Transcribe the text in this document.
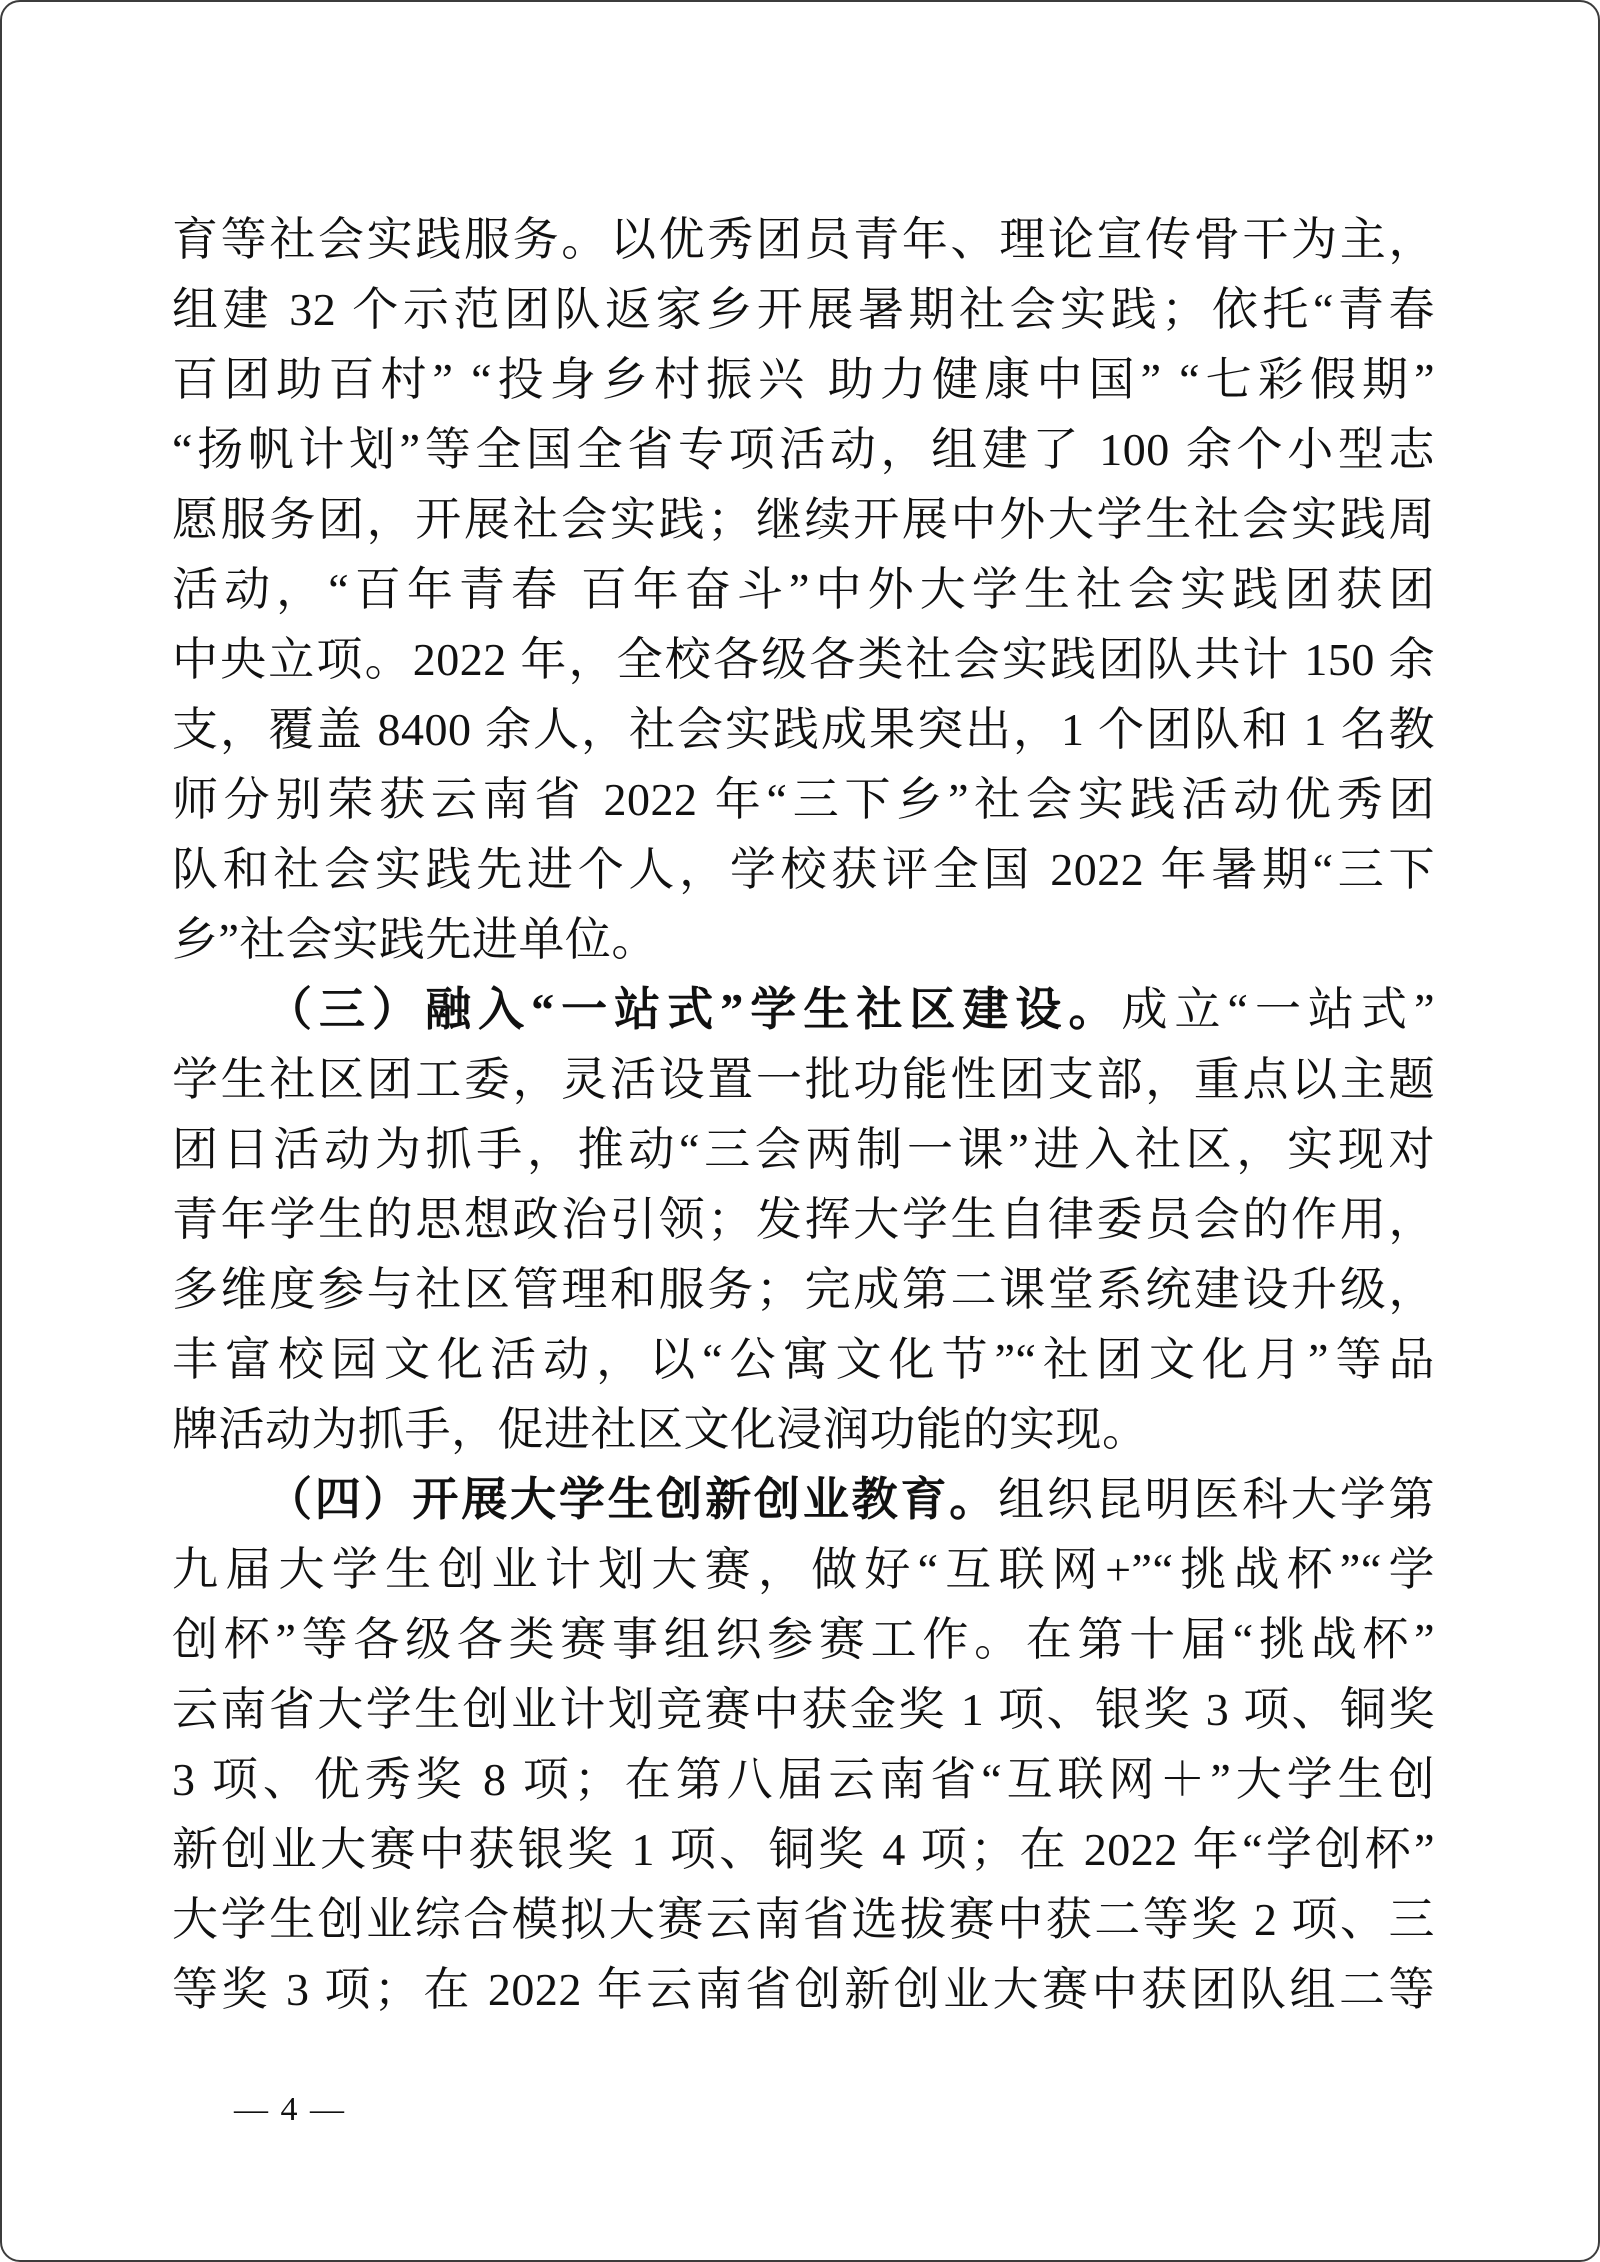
育等社会实践服务。以优秀团员青年、理论宣传骨干为主，
组建 32 个示范团队返家乡开展暑期社会实践；依托“青春
百团助百村” “投身乡村振兴 助力健康中国” “七彩假期”
“扬帆计划”等全国全省专项活动，组建了 100 余个小型志
愿服务团，开展社会实践；继续开展中外大学生社会实践周
活动，“百年青春 百年奋斗”中外大学生社会实践团获团
中央立项。2022 年，全校各级各类社会实践团队共计 150 余
支，覆盖 8400 余人，社会实践成果突出，1 个团队和 1 名教
师分别荣获云南省 2022 年“三下乡”社会实践活动优秀团
队和社会实践先进个人，学校获评全国 2022 年暑期“三下
乡”社会实践先进单位。
（三）融入“一站式”学生社区建设。成立“一站式”
学生社区团工委，灵活设置一批功能性团支部，重点以主题
团日活动为抓手，推动“三会两制一课”进入社区，实现对
青年学生的思想政治引领；发挥大学生自律委员会的作用，
多维度参与社区管理和服务；完成第二课堂系统建设升级，
丰富校园文化活动，以“公寓文化节”“社团文化月”等品
牌活动为抓手，促进社区文化浸润功能的实现。
（四）开展大学生创新创业教育。组织昆明医科大学第
九届大学生创业计划大赛，做好“互联网+”“挑战杯”“学
创杯”等各级各类赛事组织参赛工作。在第十届“挑战杯”
云南省大学生创业计划竞赛中获金奖 1 项、银奖 3 项、铜奖
3 项、优秀奖 8 项；在第八届云南省“互联网＋”大学生创
新创业大赛中获银奖 1 项、铜奖 4 项；在 2022 年“学创杯”
大学生创业综合模拟大赛云南省选拔赛中获二等奖 2 项、三
等奖 3 项；在 2022 年云南省创新创业大赛中获团队组二等
— 4 —
